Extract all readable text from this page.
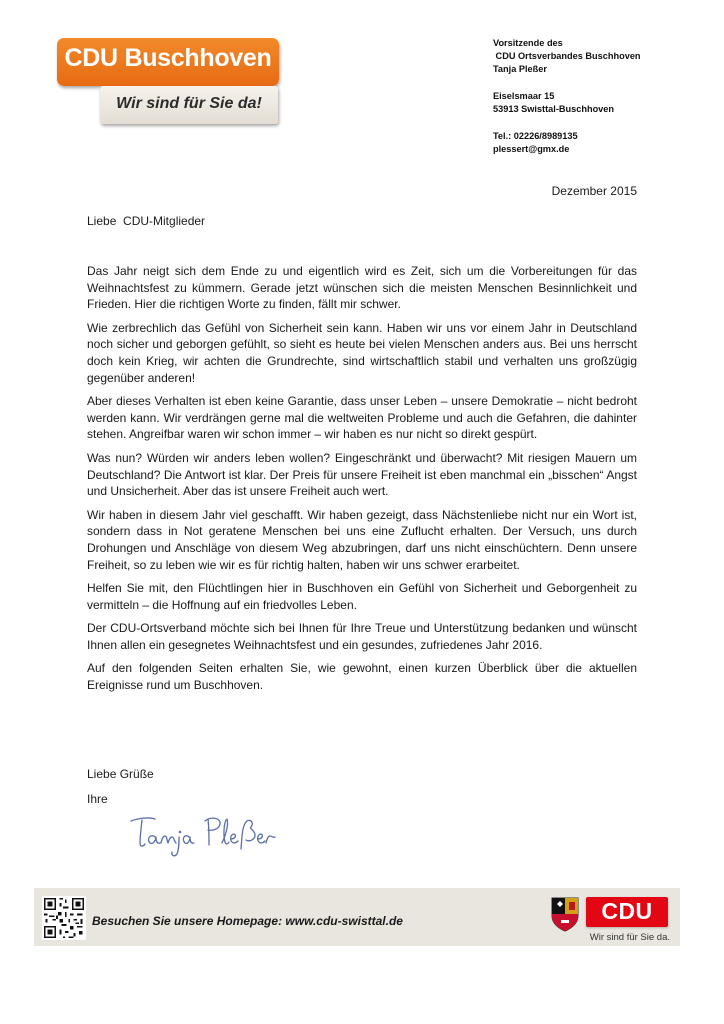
CDU Buschhoven
Wir sind für Sie da!
Vorsitzende des
CDU Ortsverbandes Buschhoven
Tanja Pleßer
Eiselsmaar 15
53913 Swisttal-Buschhoven
Tel.: 02226/8989135
plessert@gmx.de
Dezember 2015
Liebe  CDU-Mitglieder

Das Jahr neigt sich dem Ende zu und eigentlich wird es Zeit, sich um die Vorbereitungen für das Weihnachtsfest zu kümmern. Gerade jetzt wünschen sich die meisten Menschen Besinnlichkeit und Frieden. Hier die richtigen Worte zu finden, fällt mir schwer.

Wie zerbrechlich das Gefühl von Sicherheit sein kann. Haben wir uns vor einem Jahr in Deutschland noch sicher und geborgen gefühlt, so sieht es heute bei vielen Menschen anders aus. Bei uns herrscht doch kein Krieg, wir achten die Grundrechte, sind wirtschaftlich stabil und verhalten uns großzügig gegenüber anderen!

Aber dieses Verhalten ist eben keine Garantie, dass unser Leben – unsere Demokratie – nicht bedroht werden kann. Wir verdrängen gerne mal die weltweiten Probleme und auch die Gefahren, die dahinter stehen. Angreifbar waren wir schon immer – wir haben es nur nicht so direkt gespürt.

Was nun? Würden wir anders leben wollen? Eingeschränkt und überwacht? Mit riesigen Mauern um Deutschland? Die Antwort ist klar. Der Preis für unsere Freiheit ist eben manchmal ein „bisschen“ Angst und Unsicherheit. Aber das ist unsere Freiheit auch wert.

Wir haben in diesem Jahr viel geschafft. Wir haben gezeigt, dass Nächstenliebe nicht nur ein Wort ist, sondern dass in Not geratene Menschen bei uns eine Zuflucht erhalten. Der Versuch, uns durch Drohungen und Anschläge von diesem Weg abzubringen, darf uns nicht einschüchtern. Denn unsere Freiheit, so zu leben wie wir es für richtig halten, haben wir uns schwer erarbeitet.

Helfen Sie mit, den Flüchtlingen hier in Buschhoven ein Gefühl von Sicherheit und Geborgenheit zu vermitteln – die Hoffnung auf ein friedvolles Leben.

Der CDU-Ortsverband möchte sich bei Ihnen für Ihre Treue und Unterstützung bedanken und wünscht Ihnen allen ein gesegnetes Weihnachtsfest und ein gesundes, zufriedenes Jahr 2016.

Auf den folgenden Seiten erhalten Sie, wie gewohnt, einen kurzen Überblick über die aktuellen Ereignisse rund um Buschhoven.

Liebe Grüße
Ihre
Besuchen Sie unsere Homepage: www.cdu-swisttal.de	CDU
Wir sind für Sie da.
